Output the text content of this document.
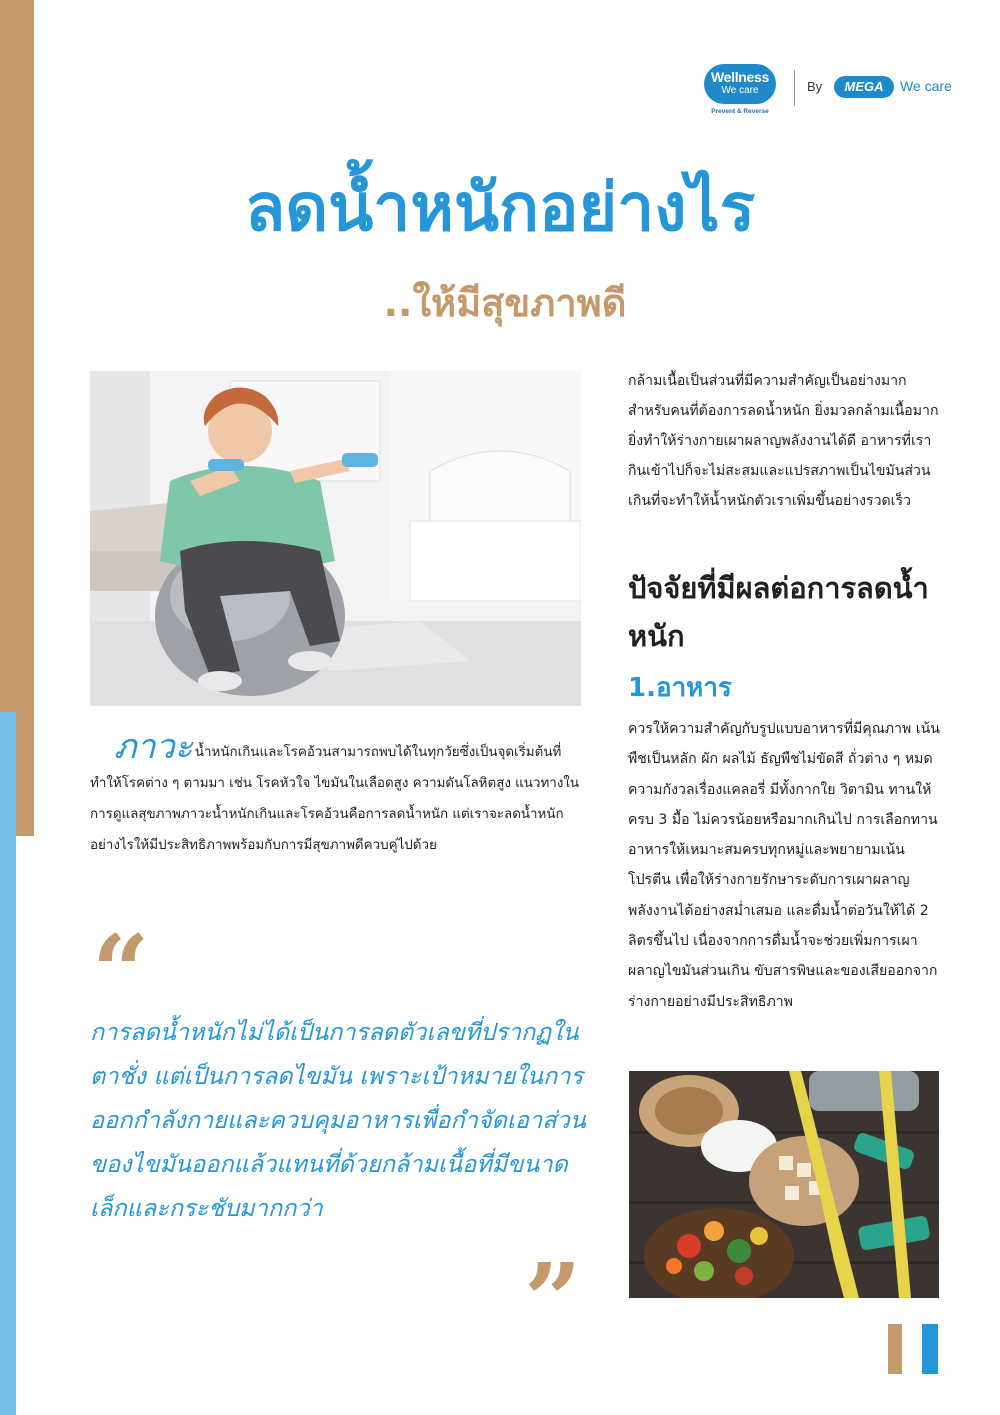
Wellness
We care
Prevent & Reverse
By	MEGA	We care
ลดน้ำหนักอย่างไร
..ให้มีสุขภาพดี
ภาวะ น้ำหนักเกินและโรคอ้วนสามารถพบได้ในทุกวัยซึ่งเป็นจุดเริ่มต้นที่ทำให้โรคต่าง ๆ ตามมา เช่น โรคหัวใจ ไขมันในเลือดสูง ความดันโลหิตสูง แนวทางในการดูแลสุขภาพภาวะน้ำหนักเกินและโรคอ้วนคือการลดน้ำหนัก แต่เราจะลดน้ำหนักอย่างไรให้มีประสิทธิภาพพร้อมกับการมีสุขภาพดีควบคู่ไปด้วย
“
การลดน้ำหนักไม่ได้เป็นการลดตัวเลขที่ปรากฏในตาชั่ง แต่เป็นการลดไขมัน เพราะเป้าหมายในการออกกำลังกายและควบคุมอาหารเพื่อกำจัดเอาส่วนของไขมันออกแล้วแทนที่ด้วยกล้ามเนื้อที่มีขนาดเล็กและกระชับมากกว่า
”
กล้ามเนื้อเป็นส่วนที่มีความสำคัญเป็นอย่างมากสำหรับคนที่ต้องการลดน้ำหนัก ยิ่งมวลกล้ามเนื้อมาก ยิ่งทำให้ร่างกายเผาผลาญพลังงานได้ดี อาหารที่เรากินเข้าไปก็จะไม่สะสมและแปรสภาพเป็นไขมันส่วนเกินที่จะทำให้น้ำหนักตัวเราเพิ่มขึ้นอย่างรวดเร็ว
ปัจจัยที่มีผลต่อการลดน้ำหนัก
1.อาหาร
ควรให้ความสำคัญกับรูปแบบอาหารที่มีคุณภาพ เน้นพืชเป็นหลัก ผัก ผลไม้ ธัญพืชไม่ขัดสี ถั่วต่าง ๆ หมดความกังวลเรื่องแคลอรี่ มีทั้งกากใย วิตามิน ทานให้ครบ 3 มื้อ ไม่ควรน้อยหรือมากเกินไป การเลือกทานอาหารให้เหมาะสมครบทุกหมู่และพยายามเน้นโปรตีน เพื่อให้ร่างกายรักษาระดับการเผาผลาญพลังงานได้อย่างสม่ำเสมอ และดื่มน้ำต่อวันให้ได้ 2 ลิตรขึ้นไป เนื่องจากการดื่มน้ำจะช่วยเพิ่มการเผาผลาญไขมันส่วนเกิน ขับสารพิษและของเสียออกจากร่างกายอย่างมีประสิทธิภาพ
